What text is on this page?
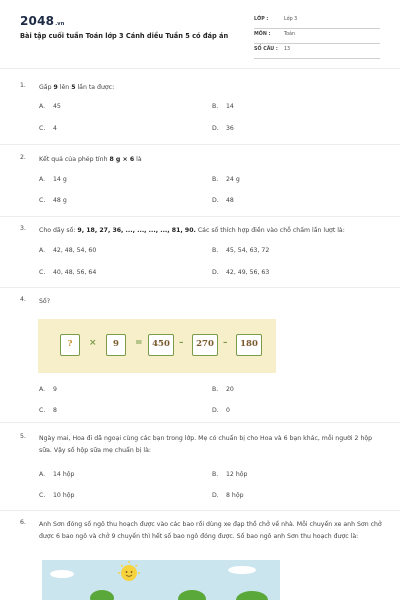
2048.vn
Bài tập cuối tuần Toán lớp 3 Cánh diều Tuần 5 có đáp án
LỚP :	Lớp 3
MÔN :	Toán
SỐ CÂU : 13
1. Gấp 9 lên 5 lần ta được:
A. 45	B. 14
C. 4	D. 36
2. Kết quả của phép tính 8 g × 6 là
A. 14 g	B. 24 g
C. 48 g	D. 48
3. Cho dãy số: 9, 18, 27, 36, ..., ..., ..., ..., 81, 90. Các số thích hợp điền vào chỗ chấm lần lượt là:
A. 42, 48, 54, 60	B. 45, 54, 63, 72
C. 40, 48, 56, 64	D. 42, 49, 56, 63
4. Số?
A. 9	B. 20
C. 8	D. 0
?	×	9	=	450	–	270	–	180
5. Ngày mai, Hoa đi dã ngoại cùng các bạn trong lớp. Mẹ có chuẩn bị cho Hoa và 6 bạn khác, mỗi người 2 hộp sữa. Vậy số hộp sữa mẹ chuẩn bị là:
A. 14 hộp	B. 12 hộp
C. 10 hộp	D. 8 hộp
6. Anh Sơn đóng số ngô thu hoạch được vào các bao rồi dùng xe đạp thồ chở về nhà. Mỗi chuyến xe anh Sơn chở được 6 bao ngô và chở 9 chuyến thì hết số bao ngô đóng được. Số bao ngô anh Sơn thu hoạch được là:
